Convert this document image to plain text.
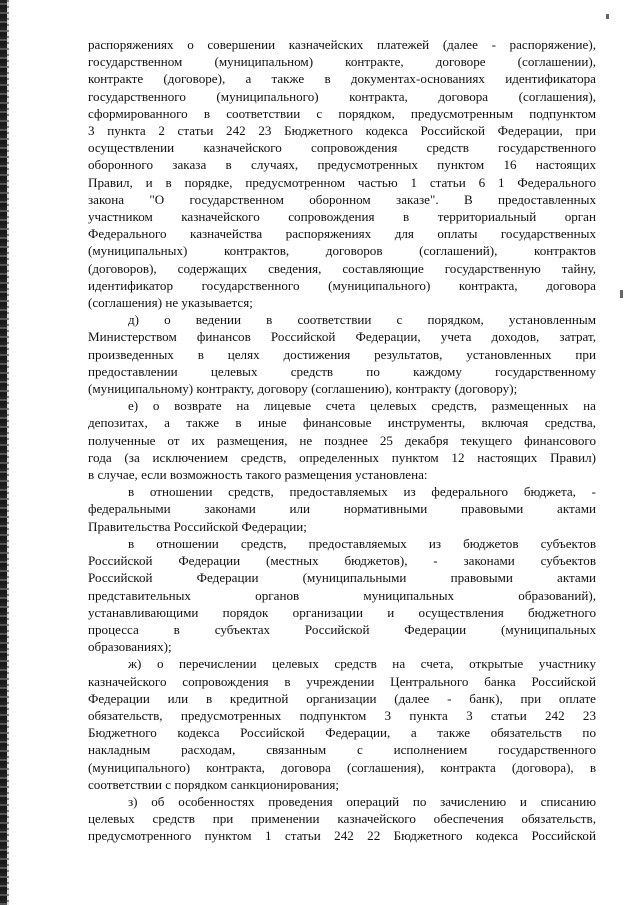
распоряжениях о совершении казначейских платежей (далее - распоряжение),
государственном (муниципальном) контракте, договоре (соглашении),
контракте (договоре), а также в документах-основаниях идентификатора
государственного (муниципального) контракта, договора (соглашения),
сформированного в соответствии с порядком, предусмотренным подпунктом
3 пункта 2 статьи 242 23 Бюджетного кодекса Российской Федерации, при
осуществлении казначейского сопровождения средств государственного
оборонного заказа в случаях, предусмотренных пунктом 16 настоящих
Правил, и в порядке, предусмотренном частью 1 статьи 6 1 Федерального
закона "О государственном оборонном заказе". В предоставленных
участником казначейского сопровождения в территориальный орган
Федерального казначейства распоряжениях для оплаты государственных
(муниципальных) контрактов, договоров (соглашений), контрактов
(договоров), содержащих сведения, составляющие государственную тайну,
идентификатор государственного (муниципального) контракта, договора
(соглашения) не указывается;

д) о ведении в соответствии с порядком, установленным
Министерством финансов Российской Федерации, учета доходов, затрат,
произведенных в целях достижения результатов, установленных при
предоставлении целевых средств по каждому государственному
(муниципальному) контракту, договору (соглашению), контракту (договору);

е) о возврате на лицевые счета целевых средств, размещенных на
депозитах, а также в иные финансовые инструменты, включая средства,
полученные от их размещения, не позднее 25 декабря текущего финансового
года (за исключением средств, определенных пунктом 12 настоящих Правил)
в случае, если возможность такого размещения установлена:

в отношении средств, предоставляемых из федерального бюджета, -
федеральными законами или нормативными правовыми актами
Правительства Российской Федерации;

в отношении средств, предоставляемых из бюджетов субъектов
Российской Федерации (местных бюджетов), - законами субъектов
Российской Федерации (муниципальными правовыми актами
представительных органов муниципальных образований),
устанавливающими порядок организации и осуществления бюджетного
процесса в субъектах Российской Федерации (муниципальных
образованиях);

ж) о перечислении целевых средств на счета, открытые участнику
казначейского сопровождения в учреждении Центрального банка Российской
Федерации или в кредитной организации (далее - банк), при оплате
обязательств, предусмотренных подпунктом 3 пункта 3 статьи 242 23
Бюджетного кодекса Российской Федерации, а также обязательств по
накладным расходам, связанным с исполнением государственного
(муниципального) контракта, договора (соглашения), контракта (договора), в
соответствии с порядком санкционирования;

з) об особенностях проведения операций по зачислению и списанию
целевых средств при применении казначейского обеспечения обязательств,
предусмотренного пунктом 1 статьи 242 22 Бюджетного кодекса Российской
